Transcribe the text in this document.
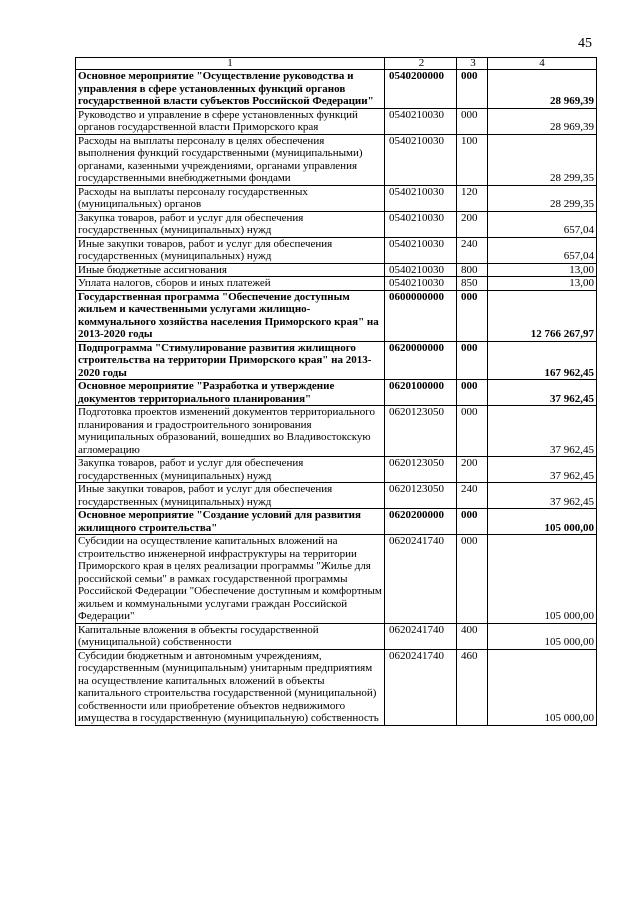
45
1	2	3	4
Основное мероприятие "Осуществление руководства и управления в сфере установленных функций органов государственной власти субъектов Российской Федерации"	0540200000	000	28 969,39
Руководство и управление в сфере установленных функций органов государственной власти Приморского края	0540210030	000	28 969,39
Расходы на выплаты персоналу в целях обеспечения выполнения функций государственными (муниципальными) органами, казенными учреждениями, органами управления государственными внебюджетными фондами	0540210030	100	28 299,35
Расходы на выплаты персоналу государственных (муниципальных) органов	0540210030	120	28 299,35
Закупка товаров, работ и услуг для обеспечения государственных (муниципальных) нужд	0540210030	200	657,04
Иные закупки товаров, работ и услуг для обеспечения государственных (муниципальных) нужд	0540210030	240	657,04
Иные бюджетные ассигнования	0540210030	800	13,00
Уплата налогов, сборов и иных платежей	0540210030	850	13,00
Государственная программа "Обеспечение доступным жильем и качественными услугами жилищно-коммунального хозяйства населения Приморского края" на 2013-2020 годы	0600000000	000	12 766 267,97
Подпрограмма "Стимулирование развития жилищного строительства на территории Приморского края" на 2013-2020 годы	0620000000	000	167 962,45
Основное мероприятие "Разработка и утверждение документов территориального планирования"	0620100000	000	37 962,45
Подготовка проектов изменений документов территориального планирования и градостроительного зонирования муниципальных образований, вошедших во Владивостокскую агломерацию	0620123050	000	37 962,45
Закупка товаров, работ и услуг для обеспечения государственных (муниципальных) нужд	0620123050	200	37 962,45
Иные закупки товаров, работ и услуг для обеспечения государственных (муниципальных) нужд	0620123050	240	37 962,45
Основное мероприятие "Создание условий для развития жилищного строительства"	0620200000	000	105 000,00
Субсидии на осуществление капитальных вложений на строительство инженерной инфраструктуры на территории Приморского края в целях реализации программы "Жилье для российской семьи" в рамках государственной программы Российской Федерации "Обеспечение доступным и комфортным жильем и коммунальными услугами граждан Российской Федерации"	0620241740	000	105 000,00
Капитальные вложения в объекты государственной (муниципальной) собственности	0620241740	400	105 000,00
Субсидии бюджетным и автономным учреждениям, государственным (муниципальным) унитарным предприятиям на осуществление капитальных вложений в объекты капитального строительства государственной (муниципальной) собственности или приобретение объектов недвижимого имущества в государственную (муниципальную) собственность	0620241740	460	105 000,00
